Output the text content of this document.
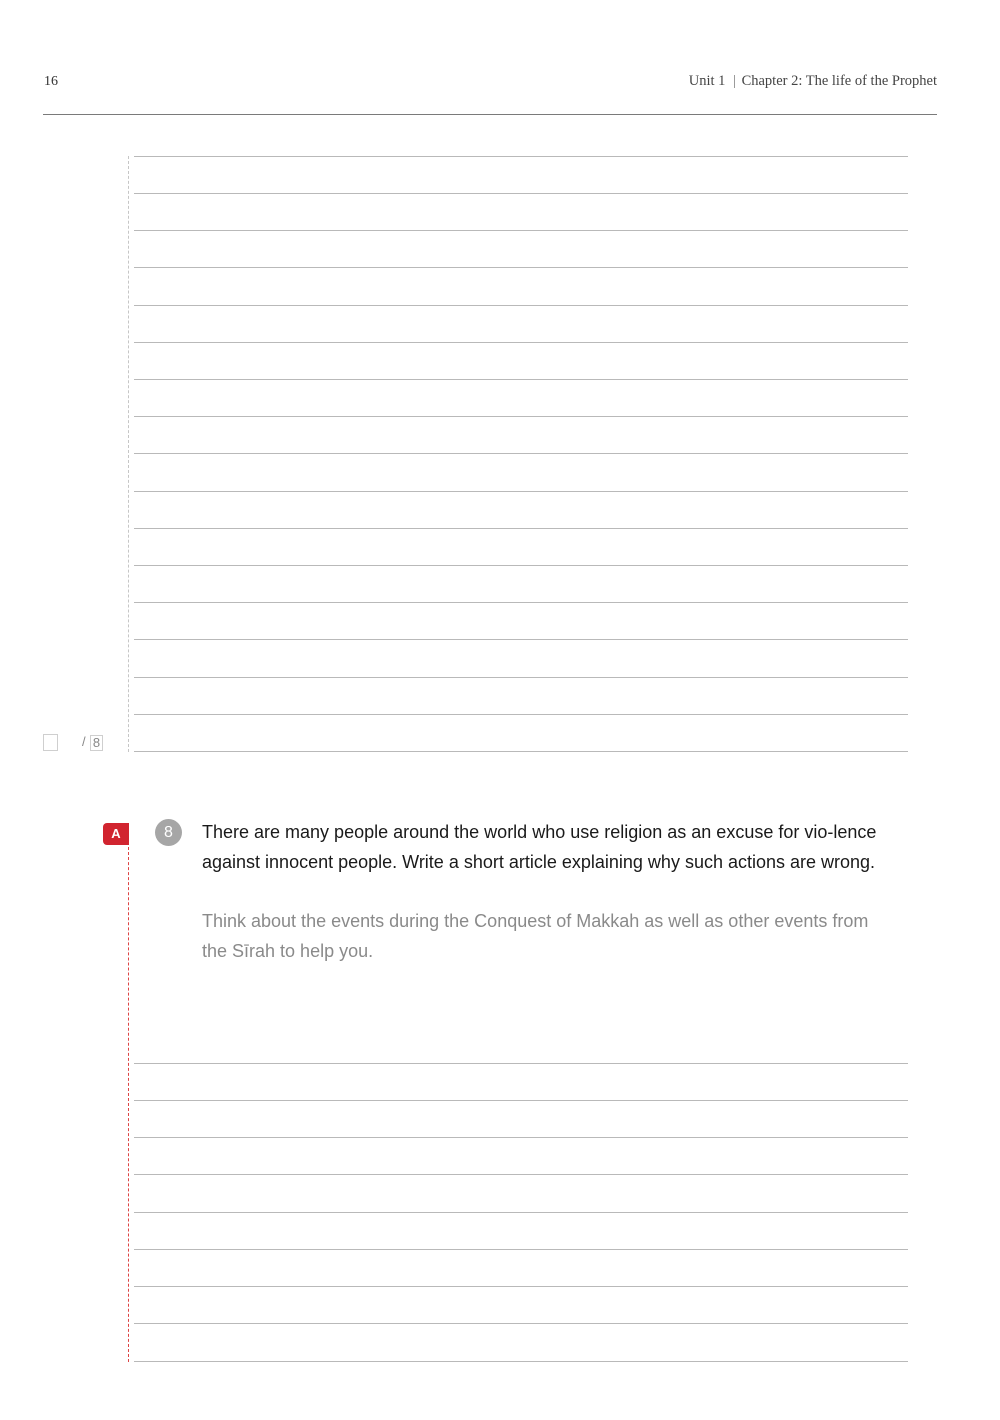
16	Unit 1 | Chapter 2: The life of the Prophet
/ 8
A	8	There are many people around the world who use religion as an excuse for vio-lence against innocent people. Write a short article explaining why such actions are wrong.
Think about the events during the Conquest of Makkah as well as other events from the Sīrah to help you.
